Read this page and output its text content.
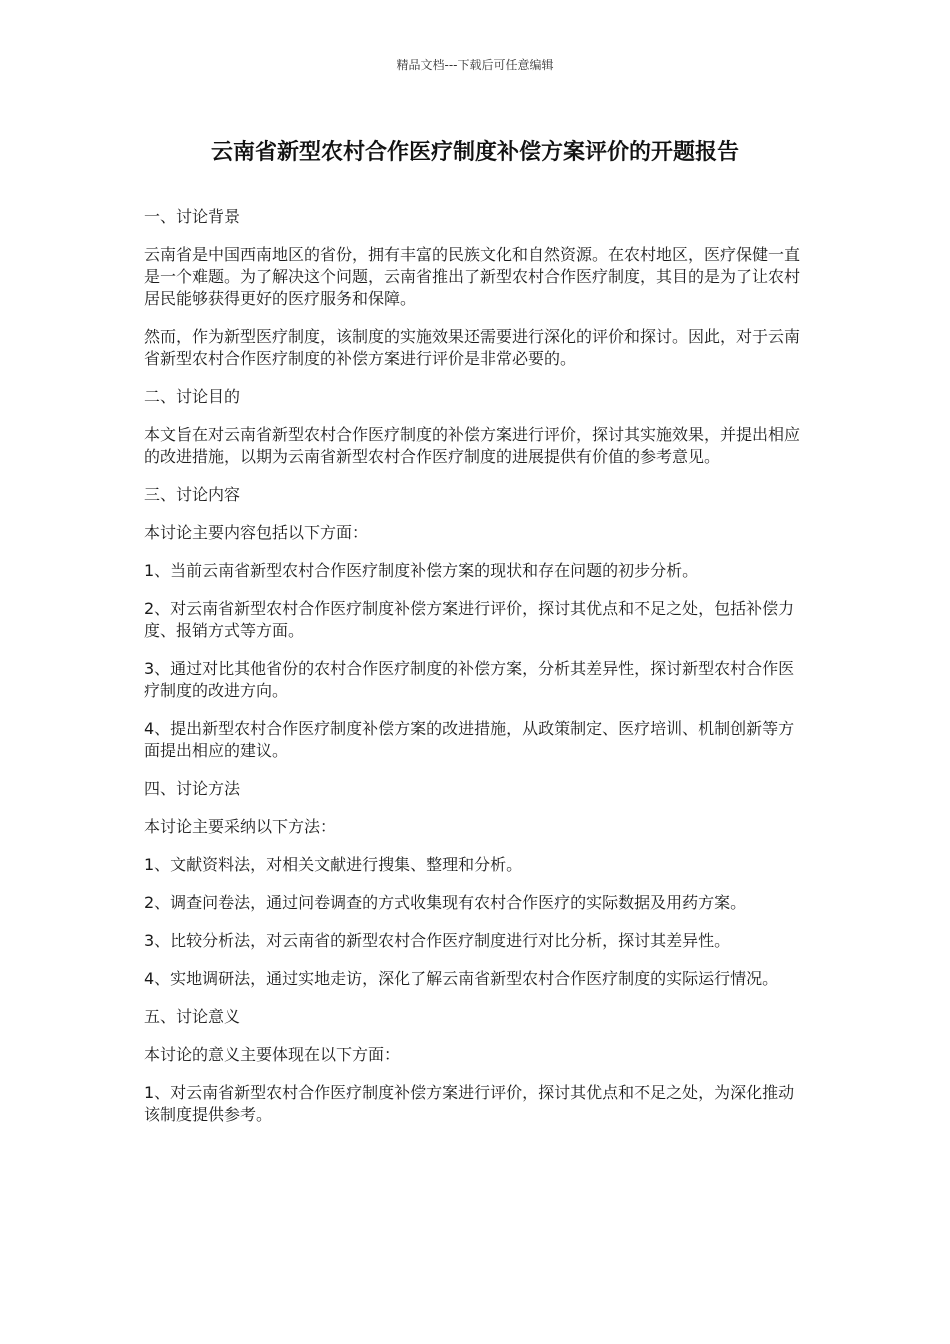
精品文档---下载后可任意编辑
云南省新型农村合作医疗制度补偿方案评价的开题报告

一、讨论背景

云南省是中国西南地区的省份，拥有丰富的民族文化和自然资源。在农村地区，医疗保健一直是一个难题。为了解决这个问题，云南省推出了新型农村合作医疗制度，其目的是为了让农村居民能够获得更好的医疗服务和保障。

然而，作为新型医疗制度，该制度的实施效果还需要进行深化的评价和探讨。因此，对于云南省新型农村合作医疗制度的补偿方案进行评价是非常必要的。

二、讨论目的

本文旨在对云南省新型农村合作医疗制度的补偿方案进行评价，探讨其实施效果，并提出相应的改进措施，以期为云南省新型农村合作医疗制度的进展提供有价值的参考意见。

三、讨论内容

本讨论主要内容包括以下方面：

1、当前云南省新型农村合作医疗制度补偿方案的现状和存在问题的初步分析。

2、对云南省新型农村合作医疗制度补偿方案进行评价，探讨其优点和不足之处，包括补偿力度、报销方式等方面。

3、通过对比其他省份的农村合作医疗制度的补偿方案，分析其差异性，探讨新型农村合作医疗制度的改进方向。

4、提出新型农村合作医疗制度补偿方案的改进措施，从政策制定、医疗培训、机制创新等方面提出相应的建议。

四、讨论方法

本讨论主要采纳以下方法：

1、文献资料法，对相关文献进行搜集、整理和分析。

2、调查问卷法，通过问卷调查的方式收集现有农村合作医疗的实际数据及用药方案。

3、比较分析法，对云南省的新型农村合作医疗制度进行对比分析，探讨其差异性。

4、实地调研法，通过实地走访，深化了解云南省新型农村合作医疗制度的实际运行情况。

五、讨论意义

本讨论的意义主要体现在以下方面：

1、对云南省新型农村合作医疗制度补偿方案进行评价，探讨其优点和不足之处，为深化推动该制度提供参考。
